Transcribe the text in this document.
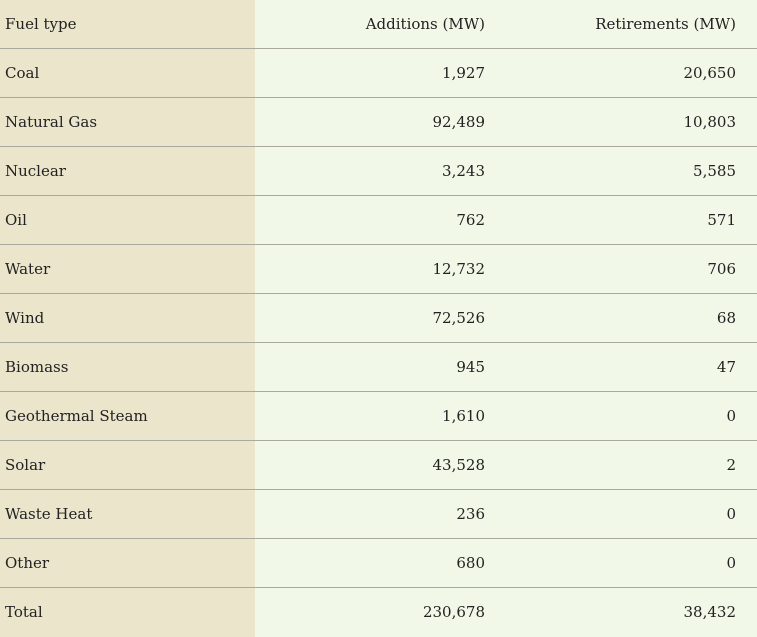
Fuel type	Additions (MW)	Retirements (MW)
Coal	1,927	20,650
Natural Gas	92,489	10,803
Nuclear	3,243	5,585
Oil	762	571
Water	12,732	706
Wind	72,526	68
Biomass	945	47
Geothermal Steam	1,610	0
Solar	43,528	2
Waste Heat	236	0
Other	680	0
Total	230,678	38,432
